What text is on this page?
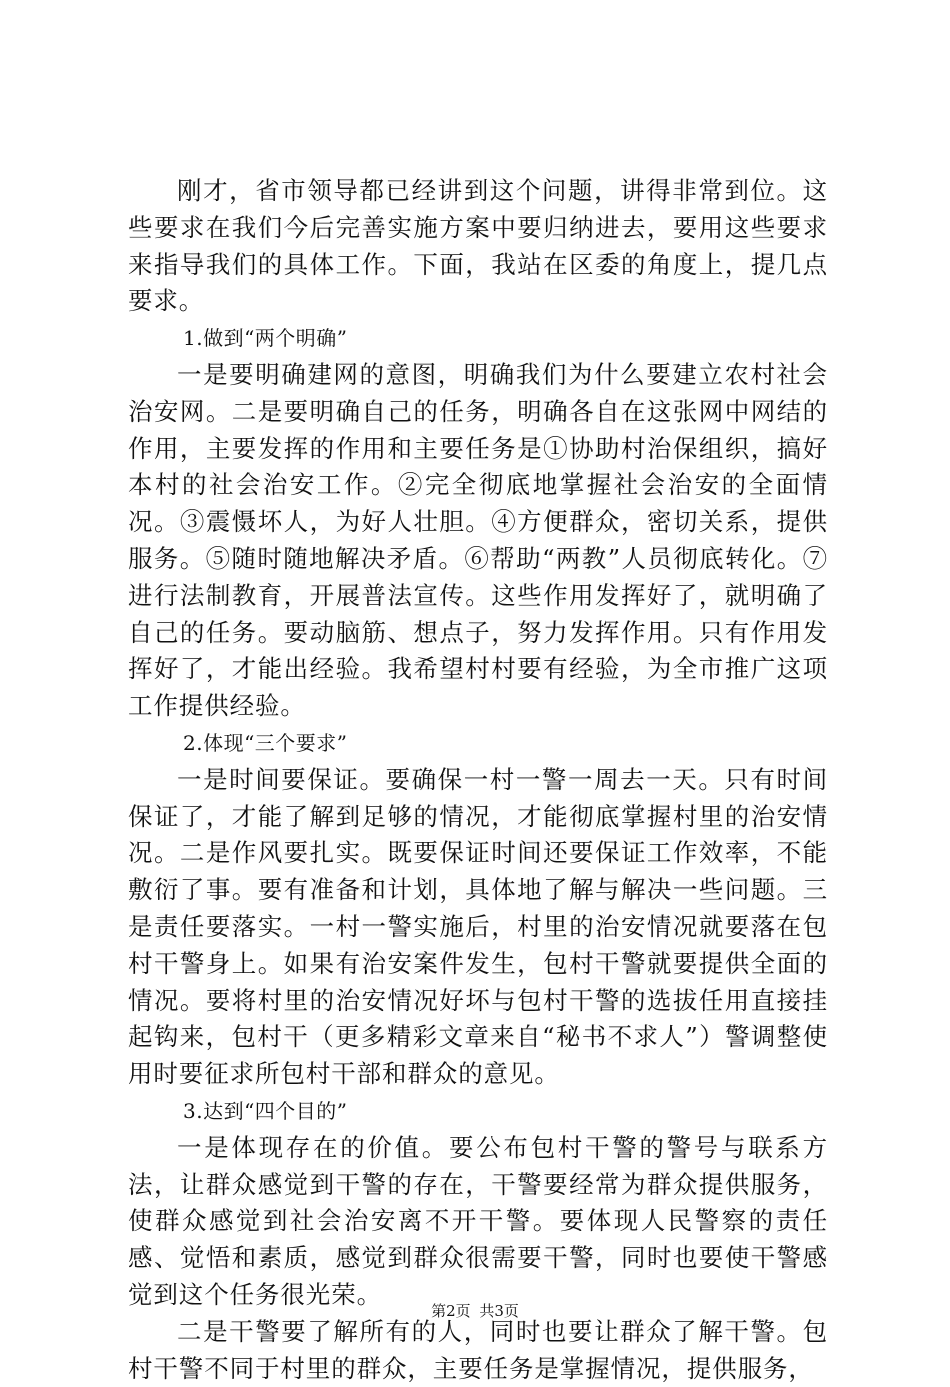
刚才，省市领导都已经讲到这个问题，讲得非常到位。这些要求在我们今后完善实施方案中要归纳进去，要用这些要求来指导我们的具体工作。下面，我站在区委的角度上，提几点要求。

1.做到“两个明确”

一是要明确建网的意图，明确我们为什么要建立农村社会治安网。二是要明确自己的任务，明确各自在这张网中网结的作用，主要发挥的作用和主要任务是①协助村治保组织，搞好本村的社会治安工作。②完全彻底地掌握社会治安的全面情况。③震慑坏人，为好人壮胆。④方便群众，密切关系，提供服务。⑤随时随地解决矛盾。⑥帮助“两教”人员彻底转化。⑦进行法制教育，开展普法宣传。这些作用发挥好了，就明确了自己的任务。要动脑筋、想点子，努力发挥作用。只有作用发挥好了，才能出经验。我希望村村要有经验，为全市推广这项工作提供经验。

2.体现“三个要求”

一是时间要保证。要确保一村一警一周去一天。只有时间保证了，才能了解到足够的情况，才能彻底掌握村里的治安情况。二是作风要扎实。既要保证时间还要保证工作效率，不能敷衍了事。要有准备和计划，具体地了解与解决一些问题。三是责任要落实。一村一警实施后，村里的治安情况就要落在包村干警身上。如果有治安案件发生，包村干警就要提供全面的情况。要将村里的治安情况好坏与包村干警的选拔任用直接挂起钩来，包村干（更多精彩文章来自“秘书不求人”）警调整使用时要征求所包村干部和群众的意见。

3.达到“四个目的”

一是体现存在的价值。要公布包村干警的警号与联系方法，让群众感觉到干警的存在，干警要经常为群众提供服务，使群众感觉到社会治安离不开干警。要体现人民警察的责任感、觉悟和素质，感觉到群众很需要干警，同时也要使干警感觉到这个任务很光荣。

二是干警要了解所有的人，同时也要让群众了解干警。包村干警不同于村里的群众，主要任务是掌握情况，提供服务，

第2页 共3页
